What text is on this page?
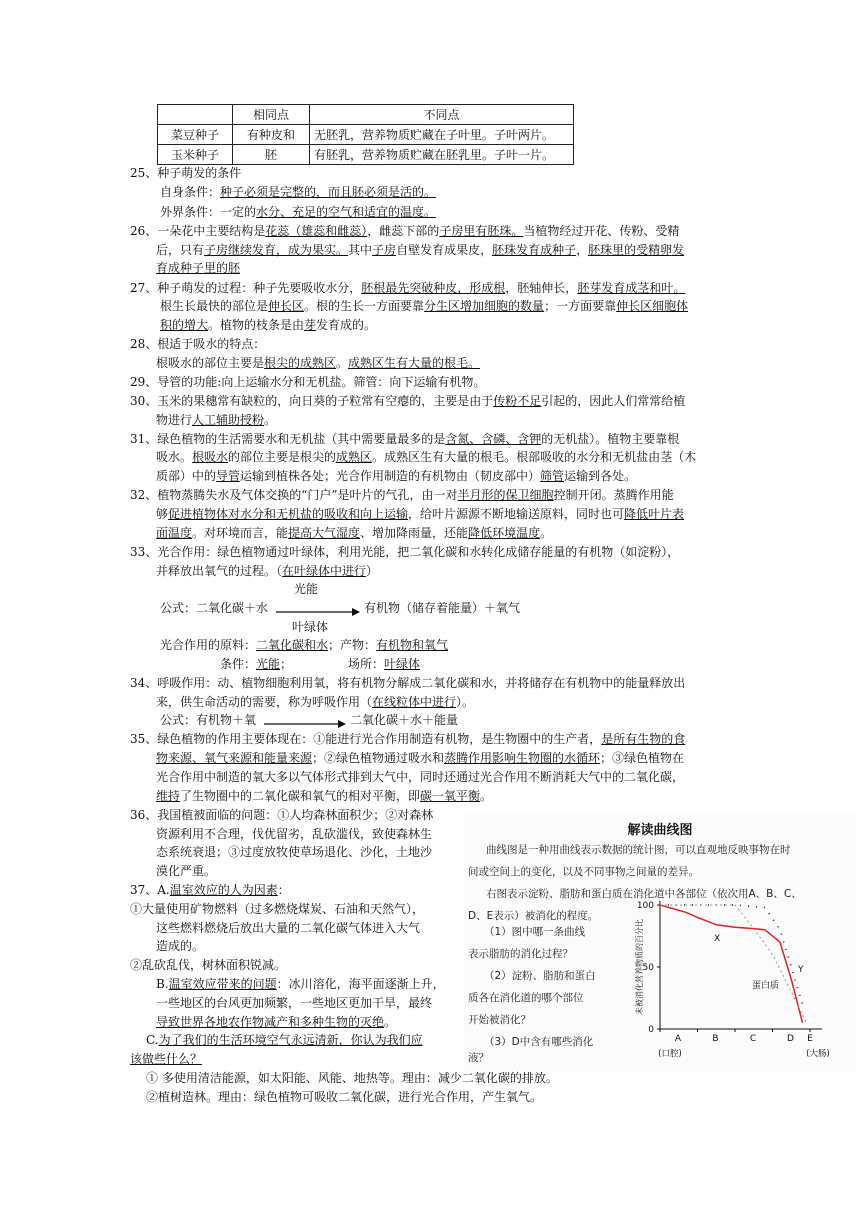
	相同点	不同点
菜豆种子	有种皮和	无胚乳，营养物质贮藏在子叶里。子叶两片。
玉米种子	胚	有胚乳，营养物质贮藏在胚乳里。子叶一片。
25、种子萌发的条件
自身条件：种子必须是完整的，而且胚必须是活的。
外界条件：一定的水分、充足的空气和适宜的温度。
26、一朵花中主要结构是花蕊（雄蕊和雌蕊），雌蕊下部的子房里有胚珠。当植物经过开花、传粉、受精
后，只有子房继续发育，成为果实。其中子房自壁发育成果皮，胚珠发育成种子，胚珠里的受精卵发
育成种子里的胚
27、种子萌发的过程：种子先要吸收水分，胚根最先突破种皮，形成根，胚轴伸长，胚芽发育成茎和叶。
根生长最快的部位是伸长区。根的生长一方面要靠分生区增加细胞的数量；一方面要靠伸长区细胞体
积的增大。植物的枝条是由芽发育成的。
28、根适于吸水的特点：
根吸水的部位主要是根尖的成熟区。成熟区生有大量的根毛。
29、导管的功能:向上运输水分和无机盐。筛管：向下运输有机物。
30、玉米的果穗常有缺粒的，向日葵的子粒常有空瘪的，主要是由于传粉不足引起的，因此人们常常给植
物进行人工辅助授粉。
31、绿色植物的生活需要水和无机盐（其中需要量最多的是含氮、含磷、含钾的无机盐）。植物主要靠根
吸水。根吸水的部位主要是根尖的成熟区。成熟区生有大量的根毛。根部吸收的水分和无机盐由茎（木
质部）中的导管运输到植株各处；光合作用制造的有机物由（韧皮部中）筛管运输到各处。
32、植物蒸腾失水及气体交换的“门户”是叶片的气孔，由一对半月形的保卫细胞控制开闭。蒸腾作用能
够促进植物体对水分和无机盐的吸收和向上运输，给叶片源源不断地输送原料，同时也可降低叶片表
面温度。对环境而言，能提高大气湿度、增加降雨量，还能降低环境温度。
33、光合作用：绿色植物通过叶绿体，利用光能，把二氧化碳和水转化成储存能量的有机物（如淀粉），
并释放出氧气的过程。（在叶绿体中进行）
光能
公式：二氧化碳＋水	有机物（储存着能量）＋氧气
叶绿体
光合作用的原料：二氧化碳和水；产物：有机物和氧气
条件：光能；	场所：叶绿体
34、呼吸作用：动、植物细胞利用氧，将有机物分解成二氧化碳和水，并将储存在有机物中的能量释放出
来，供生命活动的需要，称为呼吸作用（在线粒体中进行）。
公式：有机物＋氧	二氧化碳＋水＋能量
35、绿色植物的作用主要体现在：①能进行光合作用制造有机物，是生物圈中的生产者，是所有生物的食
物来源、氧气来源和能量来源；②绿色植物通过吸水和蒸腾作用影响生物圈的水循环；③绿色植物在
光合作用中制造的氧大多以气体形式排到大气中，同时还通过光合作用不断消耗大气中的二氧化碳，
维持了生物圈中的二氧化碳和氧气的相对平衡，即碳一氧平衡。
36、我国植被面临的问题：①人均森林面积少；②对森林
资源利用不合理，伐优留劣，乱砍滥伐，致使森林生
态系统衰退；③过度放牧使草场退化、沙化，土地沙
漠化严重。
37、A.温室效应的人为因素：
①大量使用矿物燃料（过多燃烧煤炭、石油和天然气），
这些燃料燃烧后放出大量的二氧化碳气体进入大气
造成的。
②乱砍乱伐，树林面积锐减。
B.温室效应带来的问题：冰川溶化，海平面逐渐上升，
一些地区的台风更加频繁，一些地区更加干旱，最终
导致世界各地农作物减产和多种生物的灭绝。
C.为了我们的生活环境空气永远清新，你认为我们应
该做些什么？
① 多使用清洁能源，如太阳能、风能、地热等。理由：减少二氧化碳的排放。
②植树造林。理由：绿色植物可吸收二氧化碳，进行光合作用，产生氧气。
解读曲线图
曲线图是一种用曲线表示数据的统计图，可以直观地反映事物在时
间或空间上的变化，以及不同事物之间量的差异。
右图表示淀粉、脂肪和蛋白质在消化道中各部位（依次用A、B、C、
D、E表示）被消化的程度。
（1）图中哪一条曲线
表示脂肪的消化过程？
（2）淀粉、脂肪和蛋白
质各在消化道的哪个部位
开始被消化？
（3）D中含有哪些消化
液？
0
50
100
未被消化营养物质的百分比
A	B	C	D E
(口腔)	(大肠)
X
Y
蛋白质
